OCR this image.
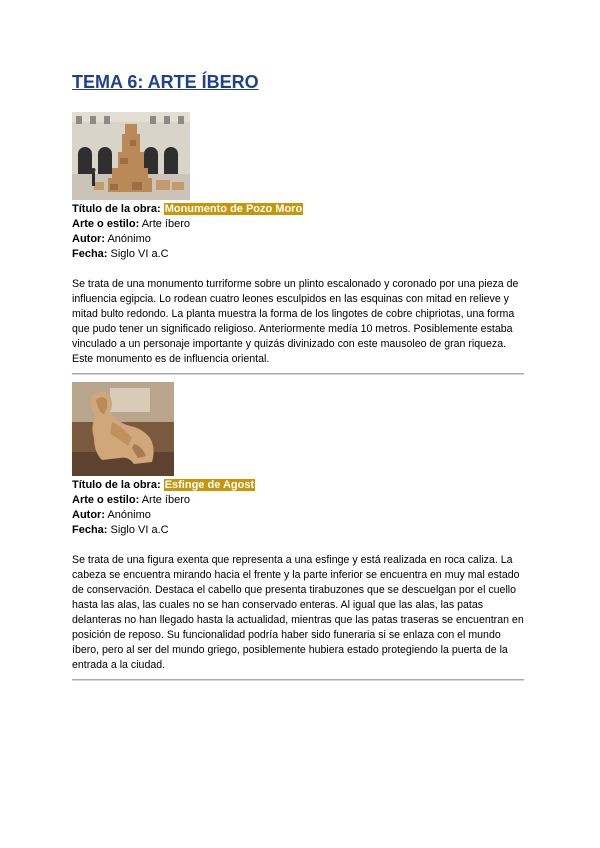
TEMA 6: ARTE ÍBERO
Título de la obra: Monumento de Pozo Moro
Arte o estilo: Arte íbero
Autor: Anónimo
Fecha: Siglo VI a.C
Se trata de una monumento turriforme sobre un plinto escalonado y coronado por una pieza de influencia egipcia. Lo rodean cuatro leones esculpidos en las esquinas con mitad en relieve y mitad bulto redondo. La planta muestra la forma de los lingotes de cobre chipriotas, una forma que pudo tener un significado religioso. Anteriormente medía 10 metros. Posiblemente estaba vinculado a un personaje importante y quizás divinizado con este mausoleo de gran riqueza. Este monumento es de influencia oriental.
Título de la obra: Esfinge de Agost
Arte o estilo: Arte íbero
Autor: Anónimo
Fecha: Siglo VI a.C
Se trata de una figura exenta que representa a una esfinge y está realizada en roca caliza. La cabeza se encuentra mirando hacia el frente y la parte inferior se encuentra en muy mal estado de conservación. Destaca el cabello que presenta tirabuzones que se descuelgan por el cuello hasta las alas, las cuales no se han conservado enteras. Al igual que las alas, las patas delanteras no han llegado hasta la actualidad, mientras que las patas traseras se encuentran en posición de reposo. Su funcionalidad podría haber sido funeraria si se enlaza con el mundo íbero, pero al ser del mundo griego, posiblemente hubiera estado protegiendo la puerta de la entrada a la ciudad.
